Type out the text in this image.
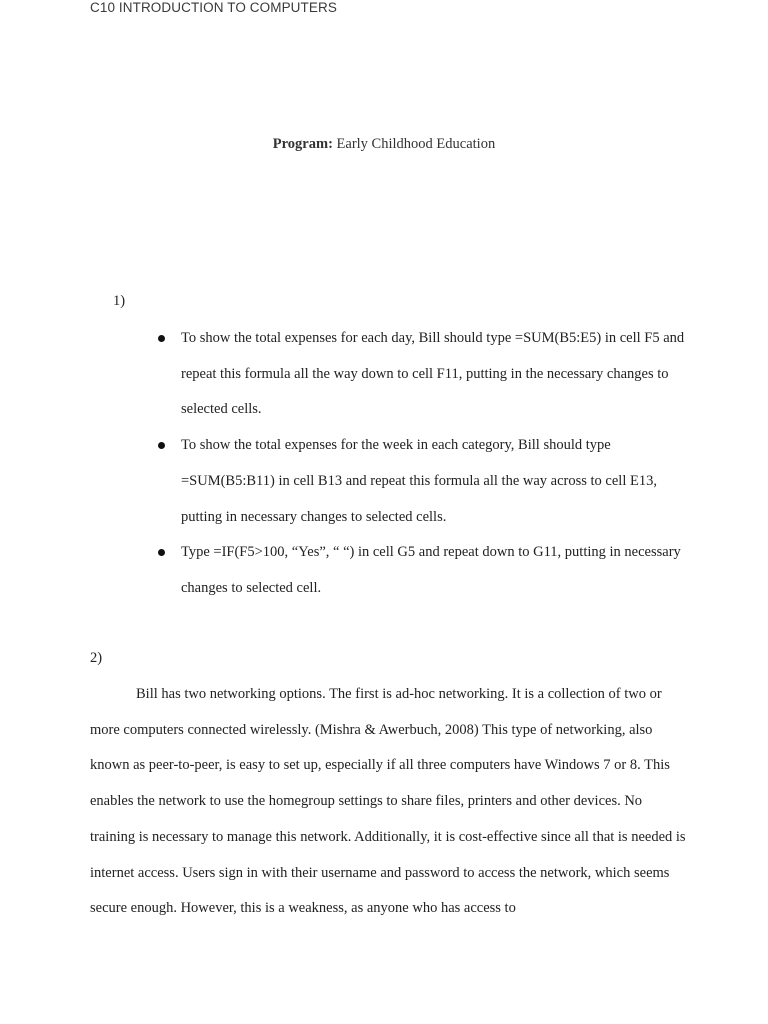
C10 INTRODUCTION TO COMPUTERS
Program: Early Childhood Education
1)
To show the total expenses for each day, Bill should type =SUM(B5:E5) in cell F5 and repeat this formula all the way down to cell F11, putting in the necessary changes to selected cells.
To show the total expenses for the week in each category, Bill should type =SUM(B5:B11) in cell B13 and repeat this formula all the way across to cell E13, putting in necessary changes to selected cells.
Type =IF(F5>100, “Yes”, “ “) in cell G5 and repeat down to G11, putting in necessary changes to selected cell.
2)

Bill has two networking options. The first is ad-hoc networking. It is a collection of two or more computers connected wirelessly. (Mishra & Awerbuch, 2008) This type of networking, also known as peer-to-peer, is easy to set up, especially if all three computers have Windows 7 or 8. This enables the network to use the homegroup settings to share files, printers and other devices. No training is necessary to manage this network. Additionally, it is cost-effective since all that is needed is internet access. Users sign in with their username and password to access the network, which seems secure enough. However, this is a weakness, as anyone who has access to
